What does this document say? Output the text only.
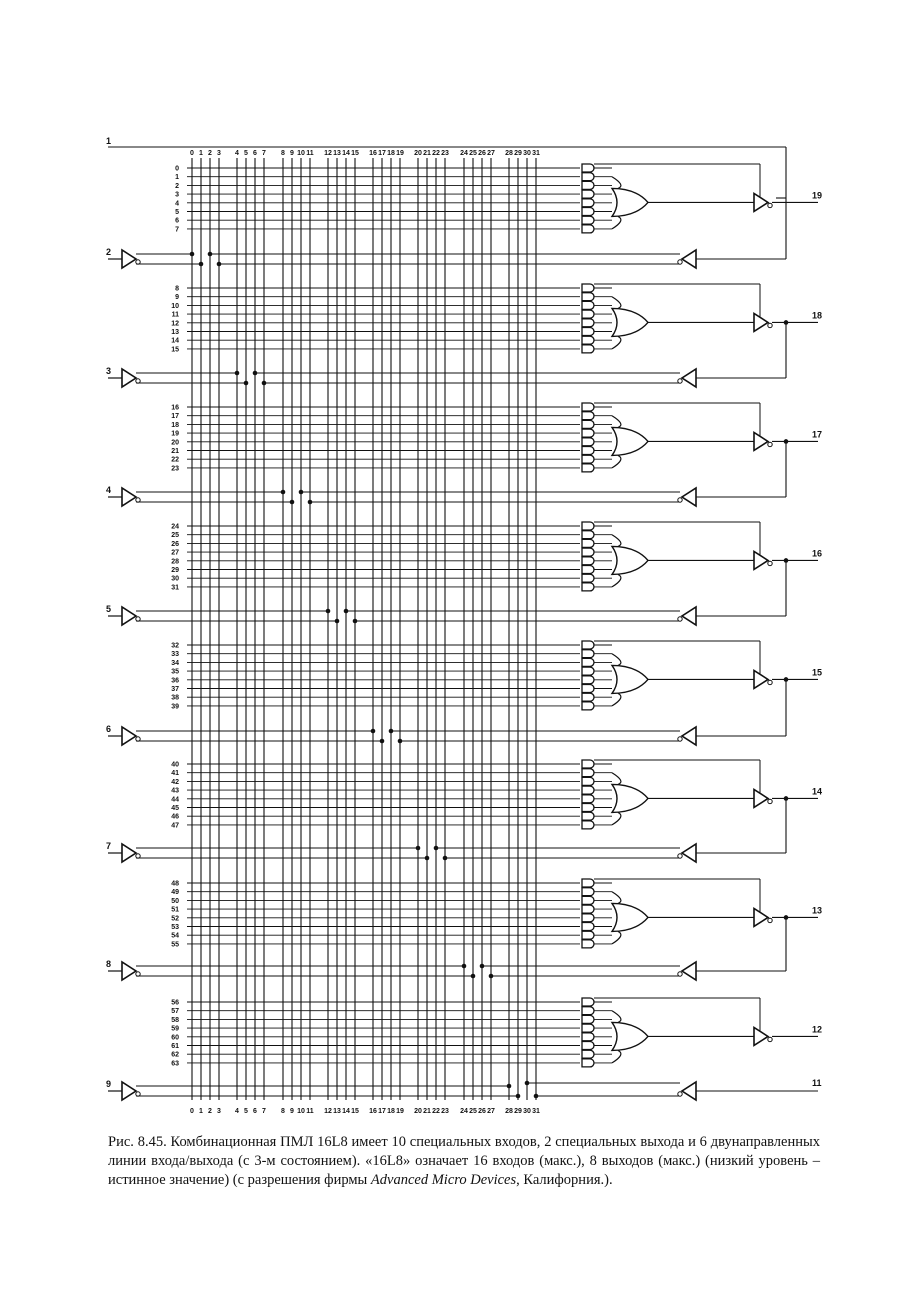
0 1 2 3 4 5 6 7 8 9 10 11 12 13 14 15 16 17 18 19 20 21 22 23 24 25 26 27 28 29 30 31
0 1 2 3 4 5 6 7 8 9 10 11 12 13 14 15 16 17 18 19 20 21 22 23 24 25 26 27 28 29 30 31
0
1
2
3
4
5
6
7
8
9
10
11
12
13
14
15
16
17
18
19
20
21
22
23
24
25
26
27
28
29
30
31
32
33
34
35
36
37
38
39
40
41
42
43
44
45
46
47
48
49
50
51
52
53
54
55
56
57
58
59
60
61
62
63
1
2
3
4
5
6
7
8
9
19
18
17
16
15
14
13
12
11
Рис. 8.45. Комбинационная ПМЛ 16L8 имеет 10 специальных входов, 2 специальных выхода и 6 двунаправленных линии входа/выхода (с 3-м состоянием). «16L8» означает 16 входов (макс.), 8 выходов (макс.) (низкий уровень – истинное значение) (с разрешения фирмы Advanced Micro Devices, Калифорния.).
